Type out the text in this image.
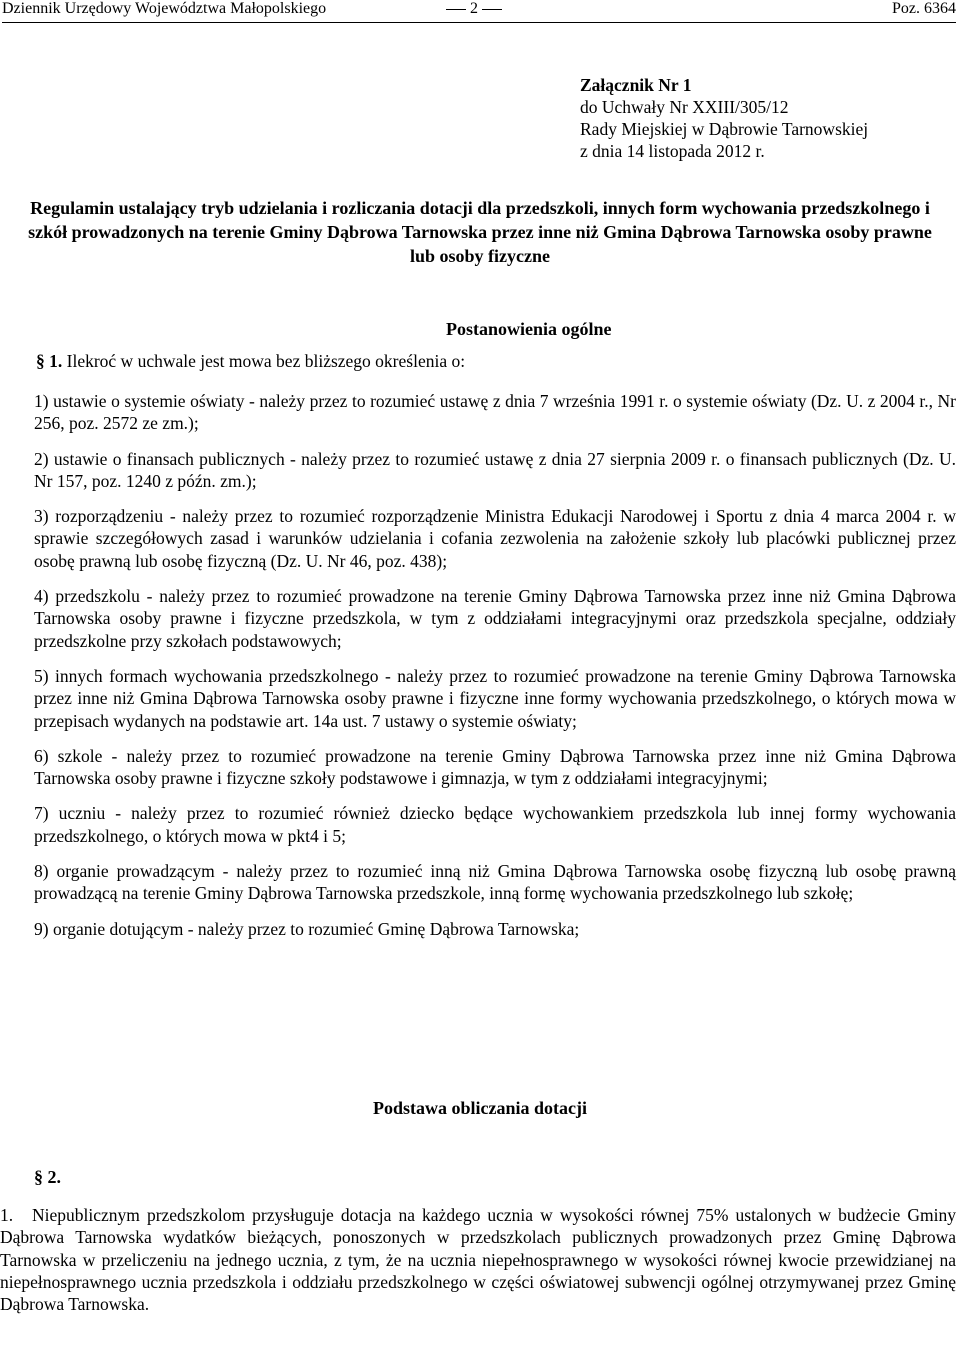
Dziennik Urzędowy Województwa Małopolskiego	2	Poz. 6364
Załącznik Nr 1
do Uchwały Nr XXIII/305/12
Rady Miejskiej w Dąbrowie Tarnowskiej
z dnia 14 listopada 2012 r.
Regulamin ustalający tryb udzielania i rozliczania dotacji dla przedszkoli, innych form wychowania przedszkolnego i szkół prowadzonych na terenie Gminy Dąbrowa Tarnowska przez inne niż Gmina Dąbrowa Tarnowska osoby prawne lub osoby fizyczne
Postanowienia ogólne
§ 1. Ilekroć w uchwale jest mowa bez bliższego określenia o:
1) ustawie o systemie oświaty - należy przez to rozumieć ustawę z dnia 7 września 1991 r. o systemie oświaty (Dz. U. z 2004 r., Nr 256, poz. 2572 ze zm.);
2) ustawie o finansach publicznych - należy przez to rozumieć ustawę z dnia 27 sierpnia 2009 r. o finansach publicznych (Dz. U. Nr 157, poz. 1240 z późn. zm.);
3) rozporządzeniu - należy przez to rozumieć rozporządzenie Ministra Edukacji Narodowej i Sportu z dnia 4 marca 2004 r. w sprawie szczegółowych zasad i warunków udzielania i cofania zezwolenia na założenie szkoły lub placówki publicznej przez osobę prawną lub osobę fizyczną (Dz. U. Nr 46, poz. 438);
4) przedszkolu - należy przez to rozumieć prowadzone na terenie Gminy Dąbrowa Tarnowska przez inne niż Gmina Dąbrowa Tarnowska osoby prawne i fizyczne przedszkola, w tym z oddziałami integracyjnymi oraz przedszkola specjalne, oddziały przedszkolne przy szkołach podstawowych;
5) innych formach wychowania przedszkolnego - należy przez to rozumieć prowadzone na terenie Gminy Dąbrowa Tarnowska przez inne niż Gmina Dąbrowa Tarnowska osoby prawne i fizyczne inne formy wychowania przedszkolnego, o których mowa w przepisach wydanych na podstawie art. 14a ust. 7 ustawy o systemie oświaty;
6) szkole - należy przez to rozumieć prowadzone na terenie Gminy Dąbrowa Tarnowska przez inne niż Gmina Dąbrowa Tarnowska osoby prawne i fizyczne szkoły podstawowe i gimnazja, w tym z oddziałami integracyjnymi;
7) uczniu - należy przez to rozumieć również dziecko będące wychowankiem przedszkola lub innej formy wychowania przedszkolnego, o których mowa w pkt4 i 5;
8) organie prowadzącym - należy przez to rozumieć inną niż Gmina Dąbrowa Tarnowska osobę fizyczną lub osobę prawną prowadzącą na terenie Gminy Dąbrowa Tarnowska przedszkole, inną formę wychowania przedszkolnego lub szkołę;
9) organie dotującym - należy przez to rozumieć Gminę Dąbrowa Tarnowska;
Podstawa obliczania dotacji
§ 2.
1. Niepublicznym przedszkolom przysługuje dotacja na każdego ucznia w wysokości równej 75% ustalonych w budżecie Gminy Dąbrowa Tarnowska wydatków bieżących, ponoszonych w przedszkolach publicznych prowadzonych przez Gminę Dąbrowa Tarnowska w przeliczeniu na jednego ucznia, z tym, że na ucznia niepełnosprawnego w wysokości równej kwocie przewidzianej na niepełnosprawnego ucznia przedszkola i oddziału przedszkolnego w części oświatowej subwencji ogólnej otrzymywanej przez Gminę Dąbrowa Tarnowska.
